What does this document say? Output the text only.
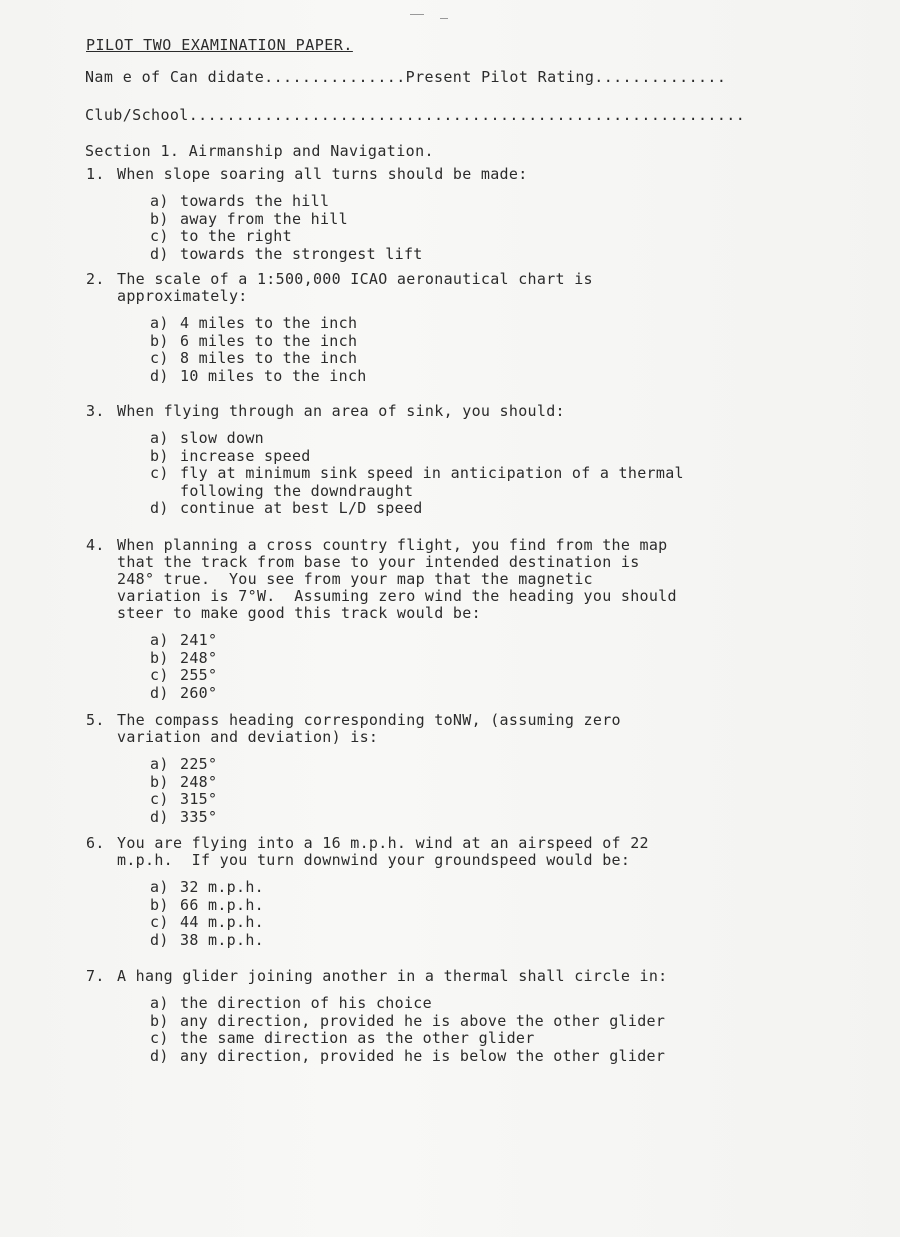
PILOT TWO EXAMINATION PAPER.
Nam e of Can didate...............Present Pilot Rating..............
Club/School...........................................................
Section 1. Airmanship and Navigation.
1. When slope soaring all turns should be made:
a) towards the hill
b) away from the hill
c) to the right
d) towards the strongest lift
2. The scale of a 1:500,000 ICAO aeronautical chart is
approximately:
a) 4 miles to the inch
b) 6 miles to the inch
c) 8 miles to the inch
d) 10 miles to the inch
3. When flying through an area of sink, you should:
a) slow down
b) increase speed
c) fly at minimum sink speed in anticipation of a thermal
following the downdraught
d) continue at best L/D speed
4. When planning a cross country flight, you find from the map
that the track from base to your intended destination is
248° true.  You see from your map that the magnetic
variation is 7°W.  Assuming zero wind the heading you should
steer to make good this track would be:
a) 241°
b) 248°
c) 255°
d) 260°
5. The compass heading corresponding toNW, (assuming zero
variation and deviation) is:
a) 225°
b) 248°
c) 315°
d) 335°
6. You are flying into a 16 m.p.h. wind at an airspeed of 22
m.p.h.  If you turn downwind your groundspeed would be:
a) 32 m.p.h.
b) 66 m.p.h.
c) 44 m.p.h.
d) 38 m.p.h.
7. A hang glider joining another in a thermal shall circle in:
a) the direction of his choice
b) any direction, provided he is above the other glider
c) the same direction as the other glider
d) any direction, provided he is below the other glider
